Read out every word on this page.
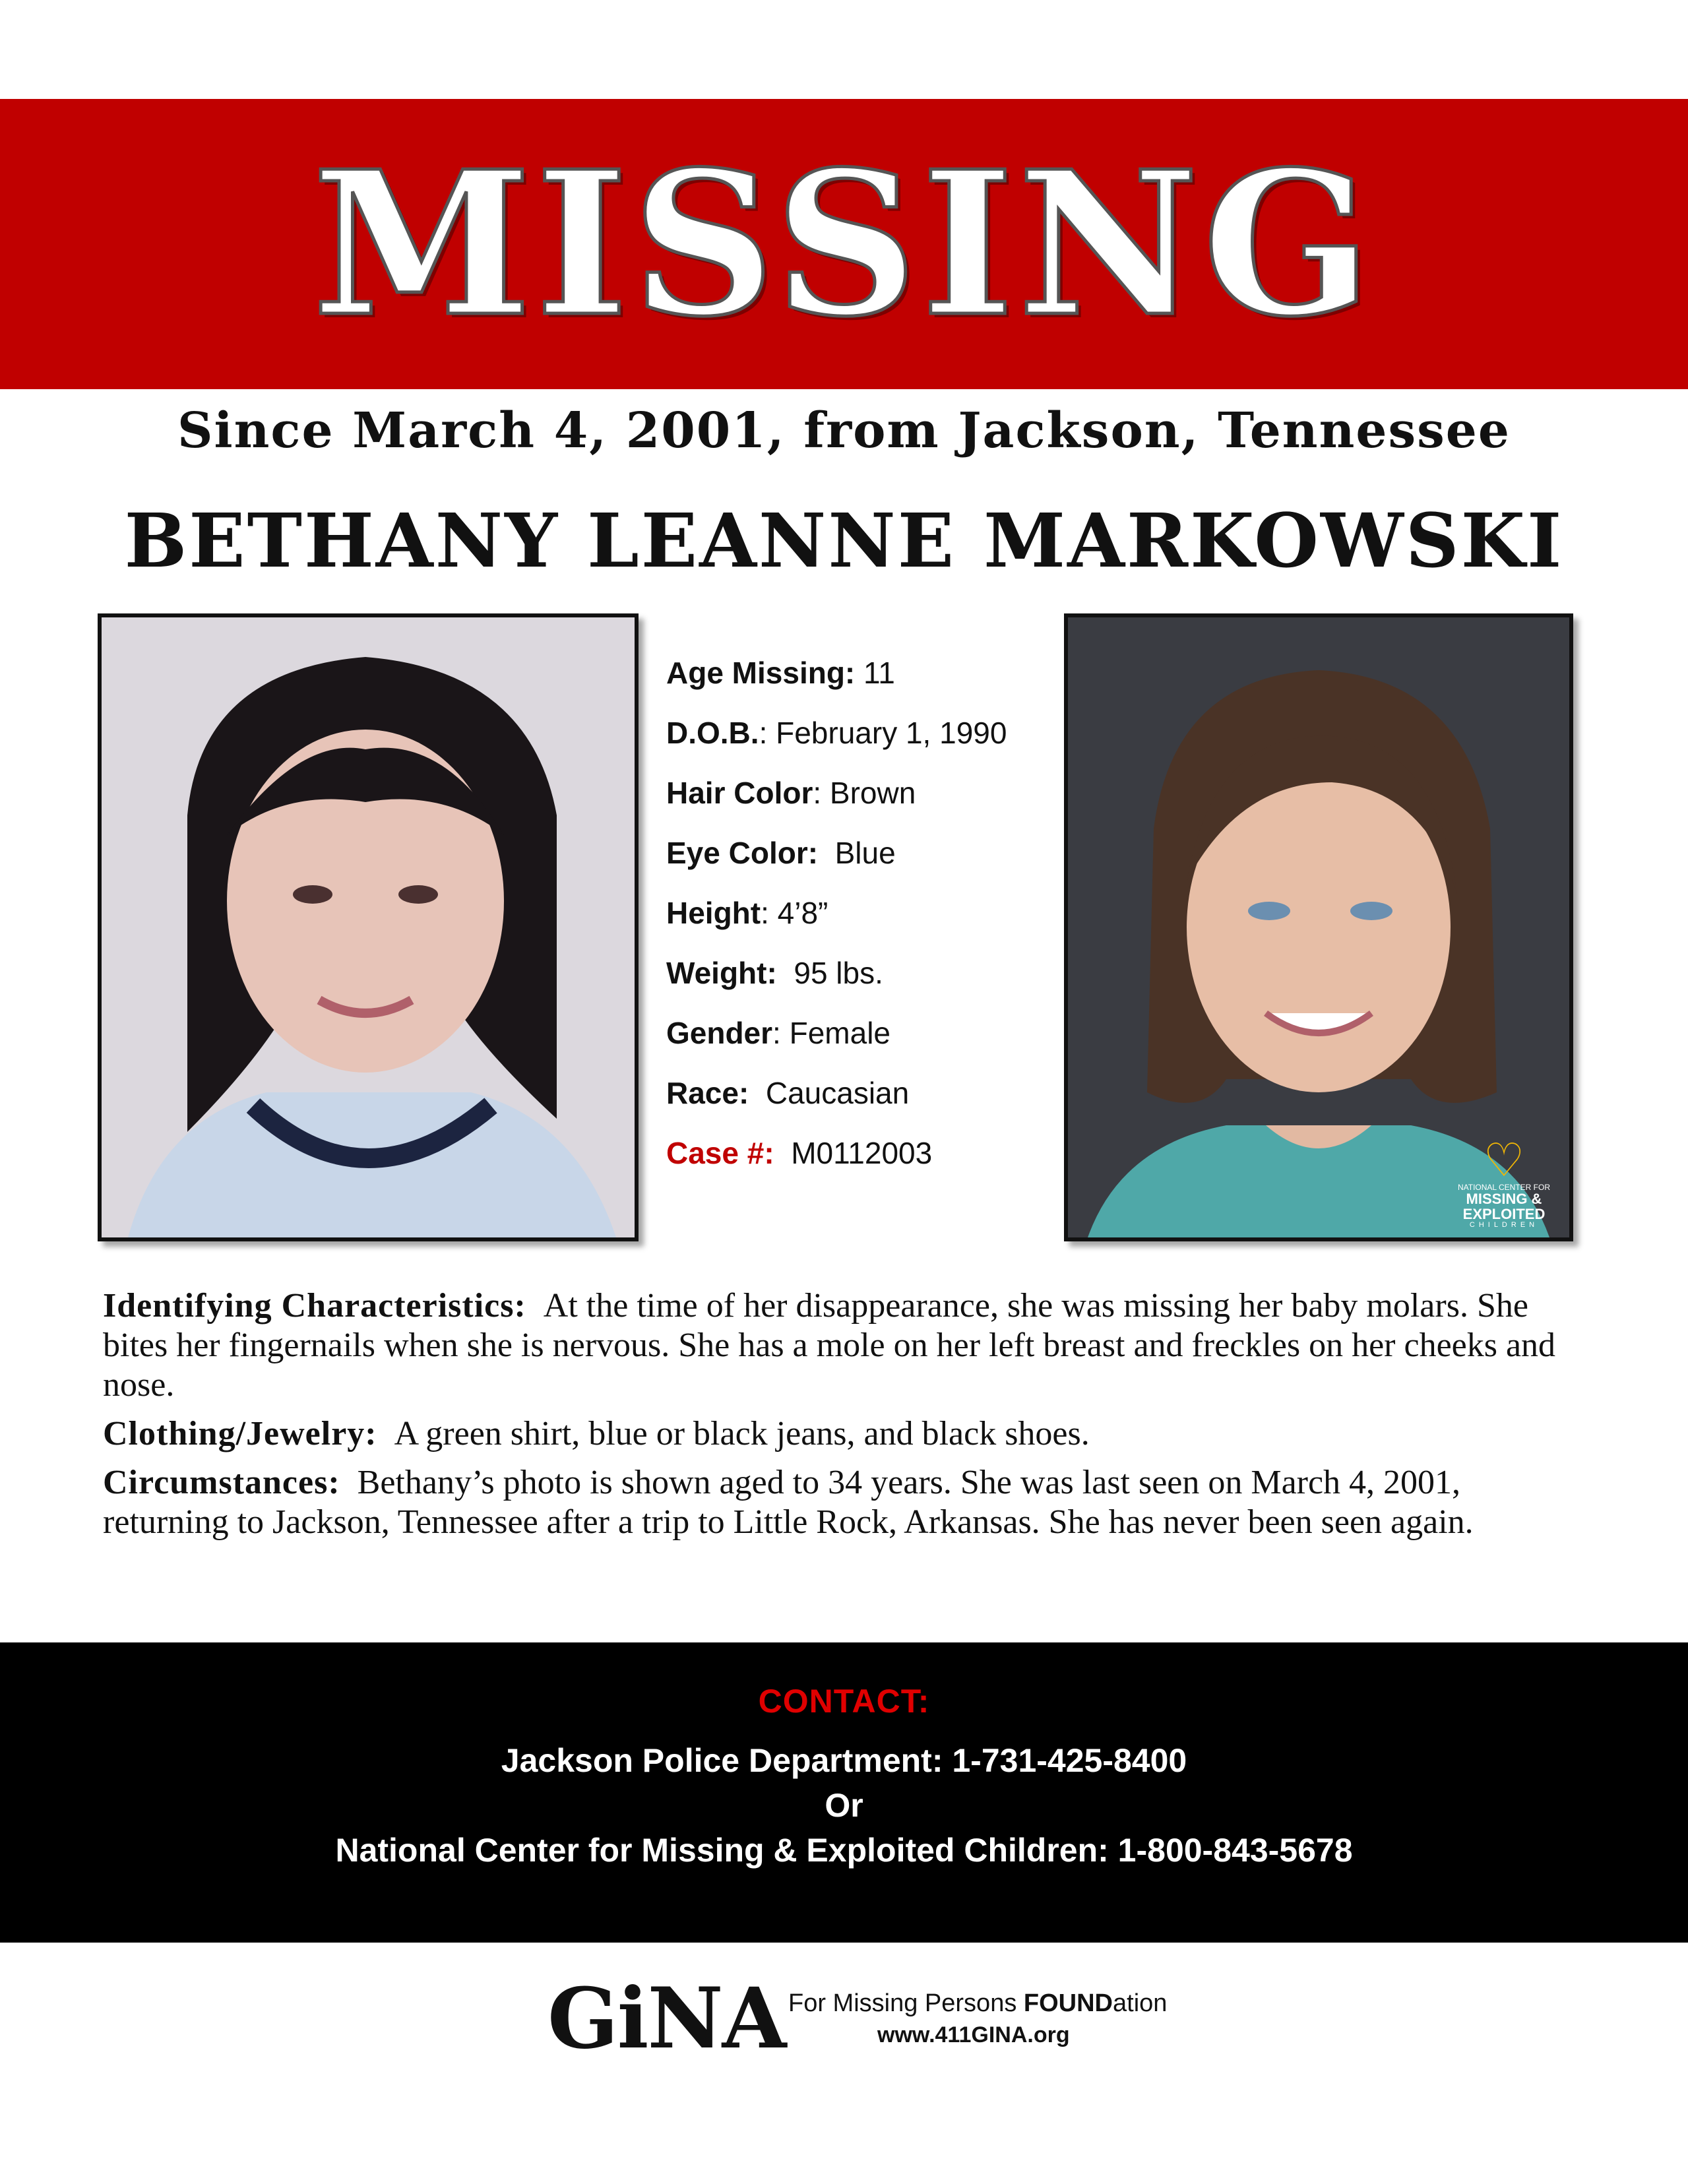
MISSING
Since March 4, 2001, from Jackson, Tennessee
BETHANY LEANNE MARKOWSKI
Age Missing: 11
D.O.B.: February 1, 1990
Hair Color: Brown
Eye Color: Blue
Height: 4’8”
Weight: 95 lbs.
Gender: Female
Race: Caucasian
Case #: M0112003	♡
NATIONAL CENTER FOR
MISSING &
EXPLOITED
CHILDREN

Identifying Characteristics: At the time of her disappearance, she was missing her baby molars. She bites her fingernails when she is nervous. She has a mole on her left breast and freckles on her cheeks and nose.

Clothing/Jewelry: A green shirt, blue or black jeans, and black shoes.

Circumstances: Bethany’s photo is shown aged to 34 years. She was last seen on March 4, 2001, returning to Jackson, Tennessee after a trip to Little Rock, Arkansas. She has never been seen again.

CONTACT:
Jackson Police Department: 1-731-425-8400
Or
National Center for Missing & Exploited Children: 1-800-843-5678
GiNA For Missing Persons FOUNDation
www.411GINA.org
